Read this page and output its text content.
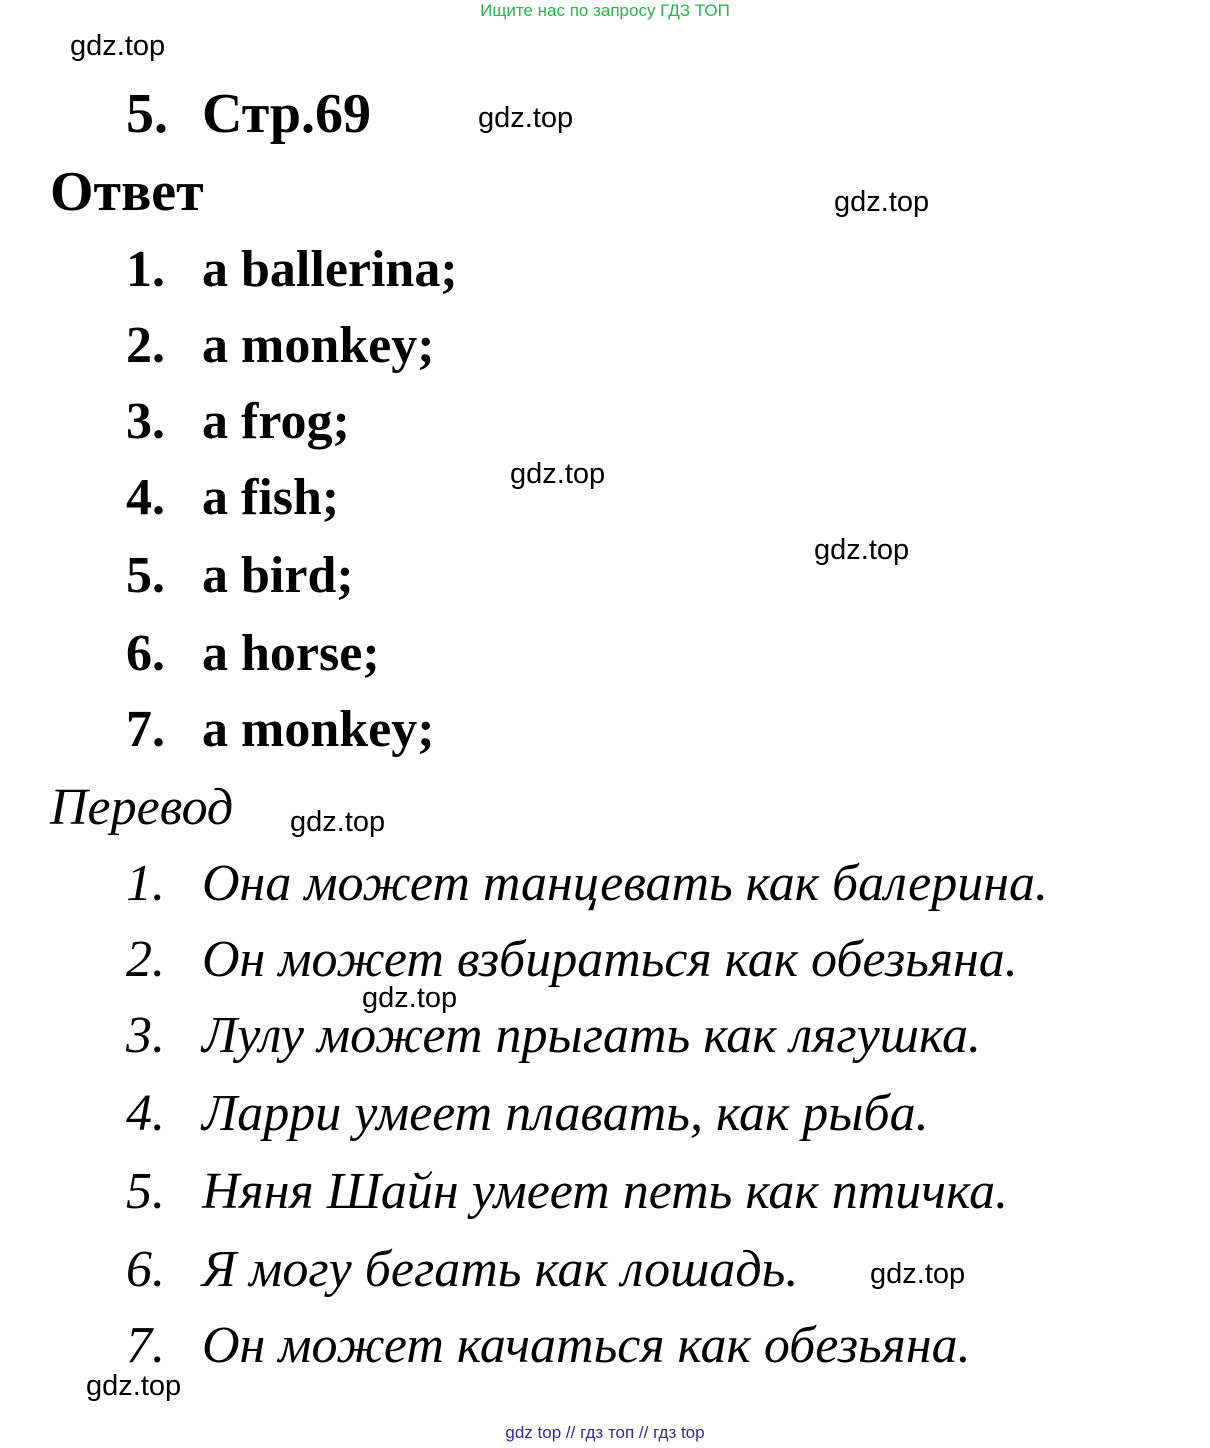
Ищите нас по запросу ГДЗ ТОП
gdz.top
gdz.top
gdz.top
gdz.top
gdz.top
gdz.top
gdz.top
gdz.top
gdz.top
5. Стр.69
Ответ
1. a ballerina;
2. a monkey;
3. a frog;
4. a fish;
5. a bird;
6. a horse;
7. a monkey;
Перевод
1. Она может танцевать как балерина.
2. Он может взбираться как обезьяна.
3. Лулу может прыгать как лягушка.
4. Ларри умеет плавать, как рыба.
5. Няня Шайн умеет петь как птичка.
6. Я могу бегать как лошадь.
7. Он может качаться как обезьяна.
gdz top // гдз топ // гдз top
